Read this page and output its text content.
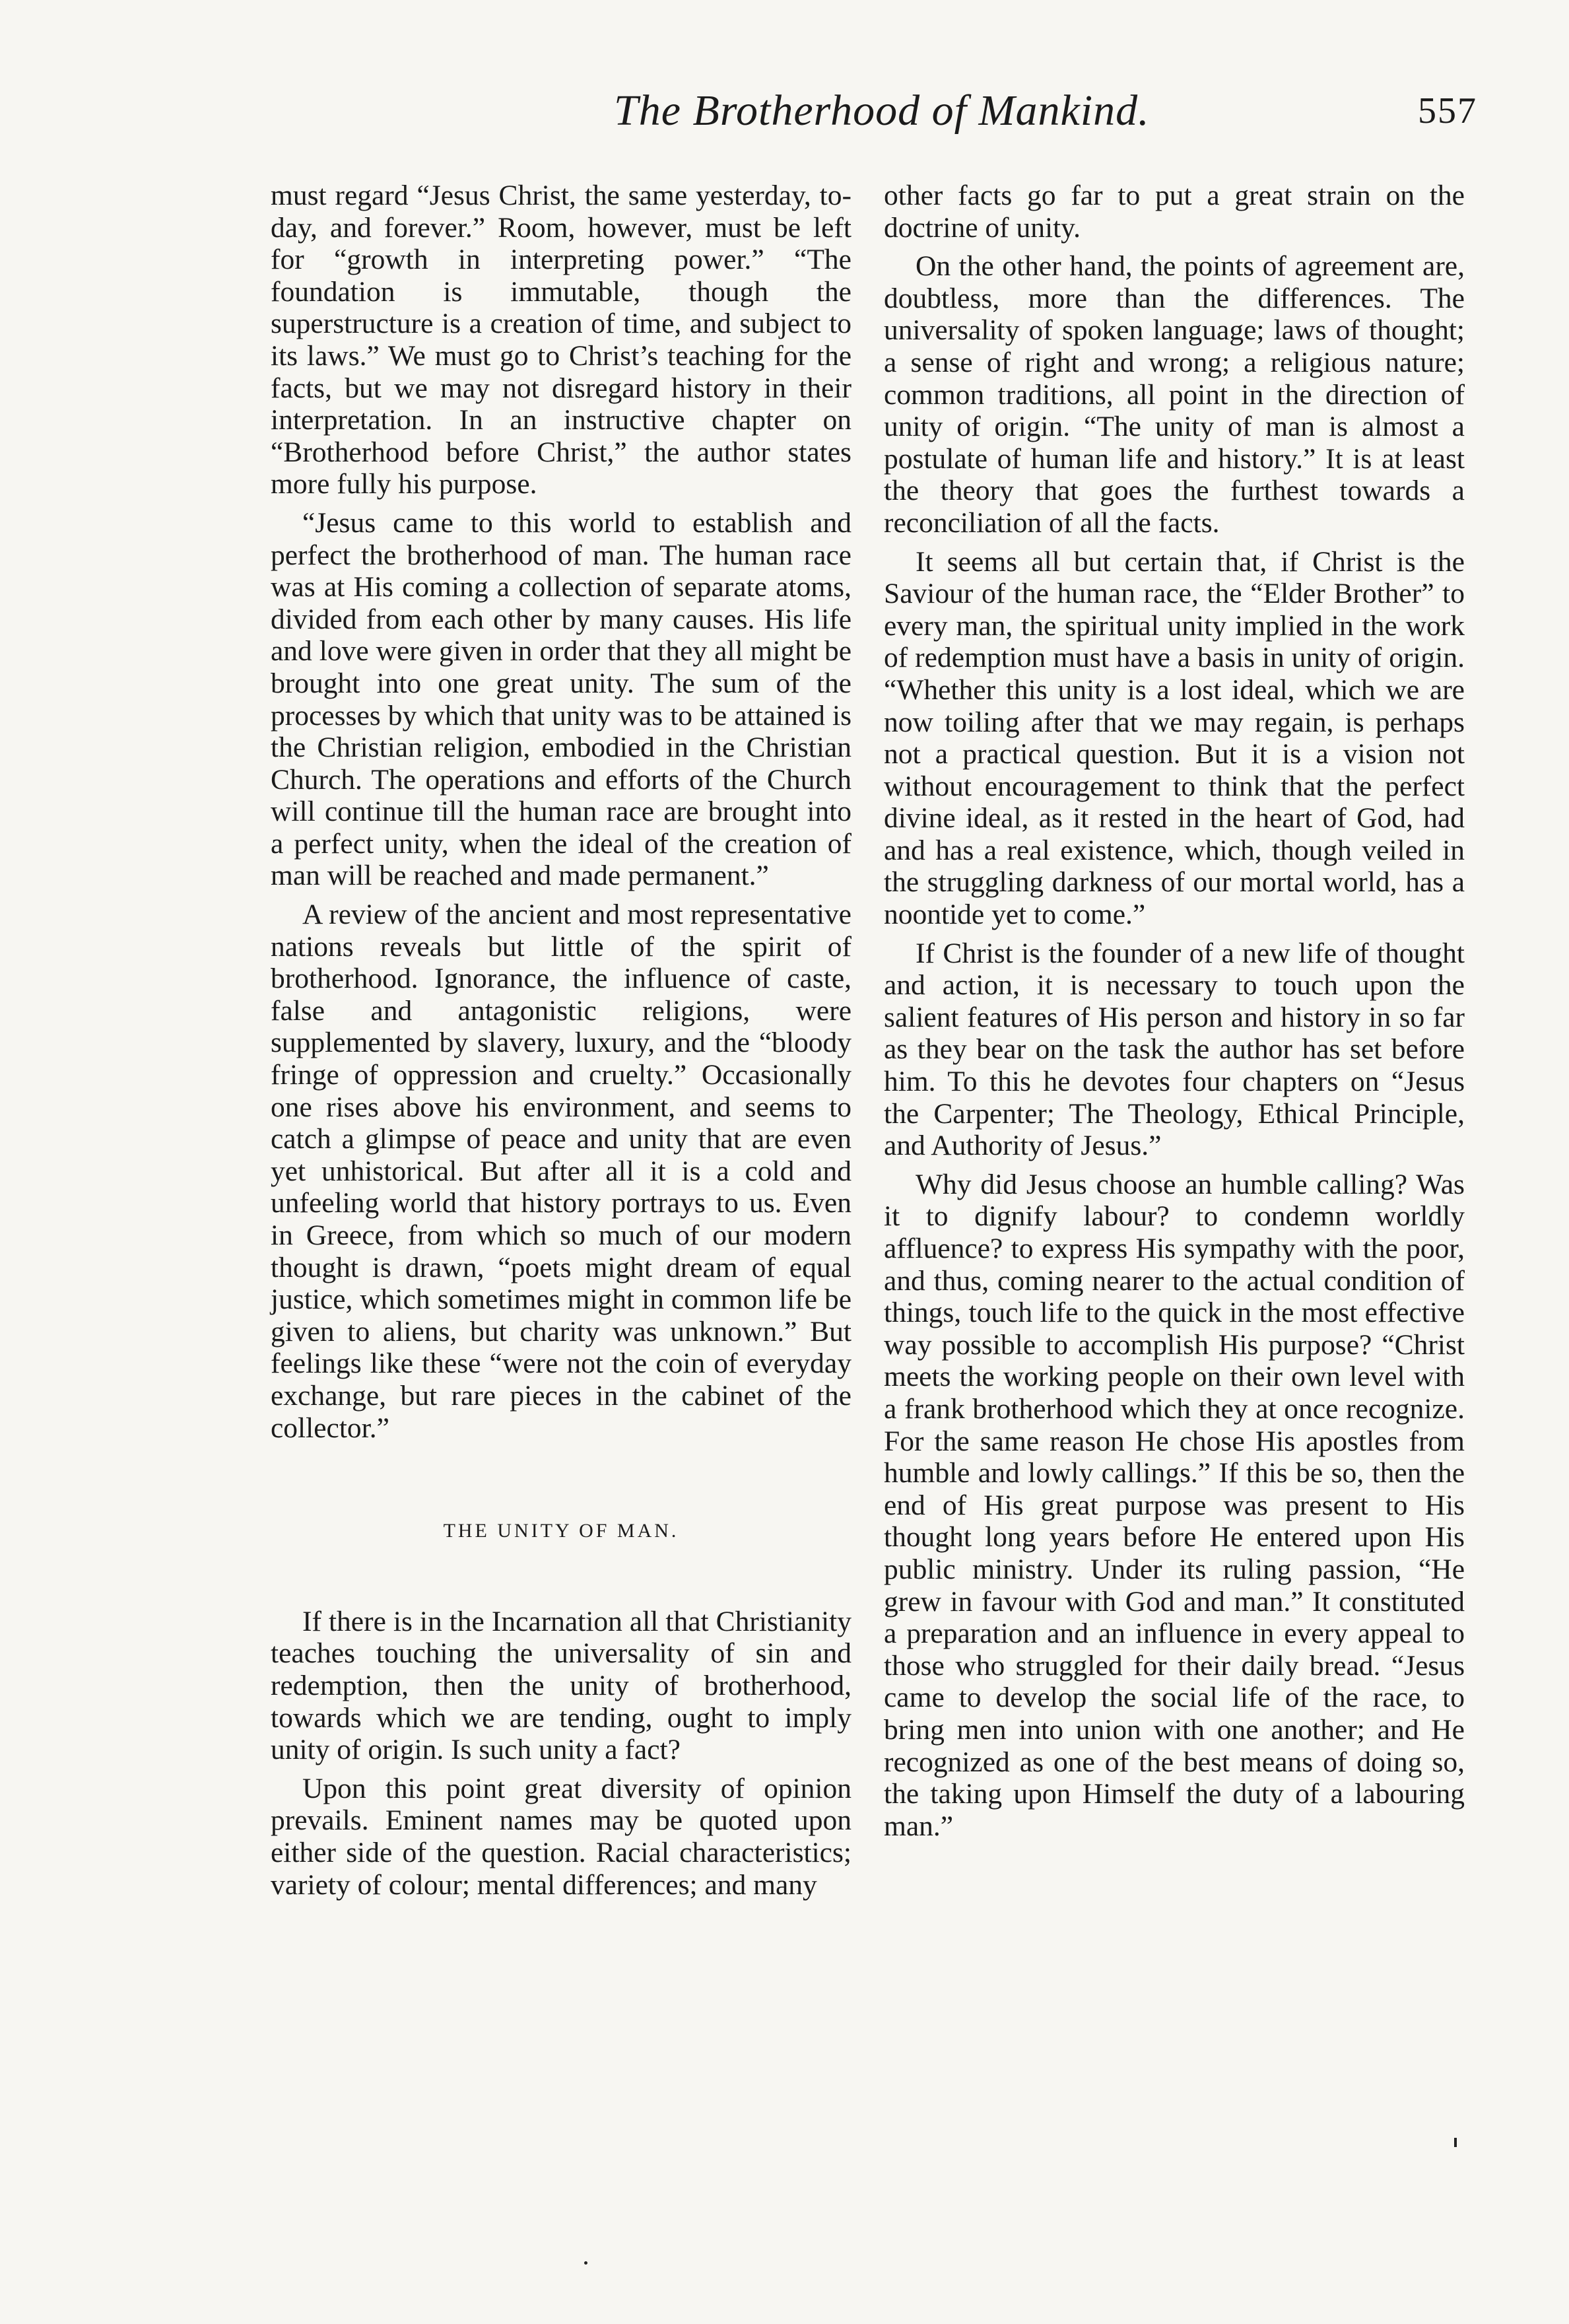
The Brotherhood of Mankind.	557

must regard “Jesus Christ, the same yesterday, to-day, and forever.” Room, however, must be left for “growth in interpreting power.” “The foundation is immutable, though the superstructure is a creation of time, and subject to its laws.” We must go to Christ’s teaching for the facts, but we may not disregard history in their interpretation. In an instructive chapter on “Brotherhood before Christ,” the author states more fully his purpose.

“Jesus came to this world to establish and perfect the brotherhood of man. The human race was at His coming a collection of separate atoms, divided from each other by many causes. His life and love were given in order that they all might be brought into one great unity. The sum of the processes by which that unity was to be attained is the Christian religion, embodied in the Christian Church. The operations and efforts of the Church will continue till the human race are brought into a perfect unity, when the ideal of the creation of man will be reached and made permanent.”

A review of the ancient and most representative nations reveals but little of the spirit of brotherhood. Ignorance, the influence of caste, false and antagonistic religions, were supplemented by slavery, luxury, and the “bloody fringe of oppression and cruelty.” Occasionally one rises above his environment, and seems to catch a glimpse of peace and unity that are even yet unhistorical. But after all it is a cold and unfeeling world that history portrays to us. Even in Greece, from which so much of our modern thought is drawn, “poets might dream of equal justice, which sometimes might in common life be given to aliens, but charity was unknown.” But feelings like these “were not the coin of everyday exchange, but rare pieces in the cabinet of the collector.”

THE UNITY OF MAN.

If there is in the Incarnation all that Christianity teaches touching the universality of sin and redemption, then the unity of brotherhood, towards which we are tending, ought to imply unity of origin. Is such unity a fact?

Upon this point great diversity of opinion prevails. Eminent names may be quoted upon either side of the question. Racial characteristics; variety of colour; mental differences; and many

other facts go far to put a great strain on the doctrine of unity.

On the other hand, the points of agreement are, doubtless, more than the differences. The universality of spoken language; laws of thought; a sense of right and wrong; a religious nature; common traditions, all point in the direction of unity of origin. “The unity of man is almost a postulate of human life and history.” It is at least the theory that goes the furthest towards a reconciliation of all the facts.

It seems all but certain that, if Christ is the Saviour of the human race, the “Elder Brother” to every man, the spiritual unity implied in the work of redemption must have a basis in unity of origin. “Whether this unity is a lost ideal, which we are now toiling after that we may regain, is perhaps not a practical question. But it is a vision not without encouragement to think that the perfect divine ideal, as it rested in the heart of God, had and has a real existence, which, though veiled in the struggling darkness of our mortal world, has a noontide yet to come.”

If Christ is the founder of a new life of thought and action, it is necessary to touch upon the salient features of His person and history in so far as they bear on the task the author has set before him. To this he devotes four chapters on “Jesus the Carpenter; The Theology, Ethical Principle, and Authority of Jesus.”

Why did Jesus choose an humble calling? Was it to dignify labour? to condemn worldly affluence? to express His sympathy with the poor, and thus, coming nearer to the actual condition of things, touch life to the quick in the most effective way possible to accomplish His purpose? “Christ meets the working people on their own level with a frank brotherhood which they at once recognize. For the same reason He chose His apostles from humble and lowly callings.” If this be so, then the end of His great purpose was present to His thought long years before He entered upon His public ministry. Under its ruling passion, “He grew in favour with God and man.” It constituted a preparation and an influence in every appeal to those who struggled for their daily bread. “Jesus came to develop the social life of the race, to bring men into union with one another; and He recognized as one of the best means of doing so, the taking upon Himself the duty of a labouring man.”
